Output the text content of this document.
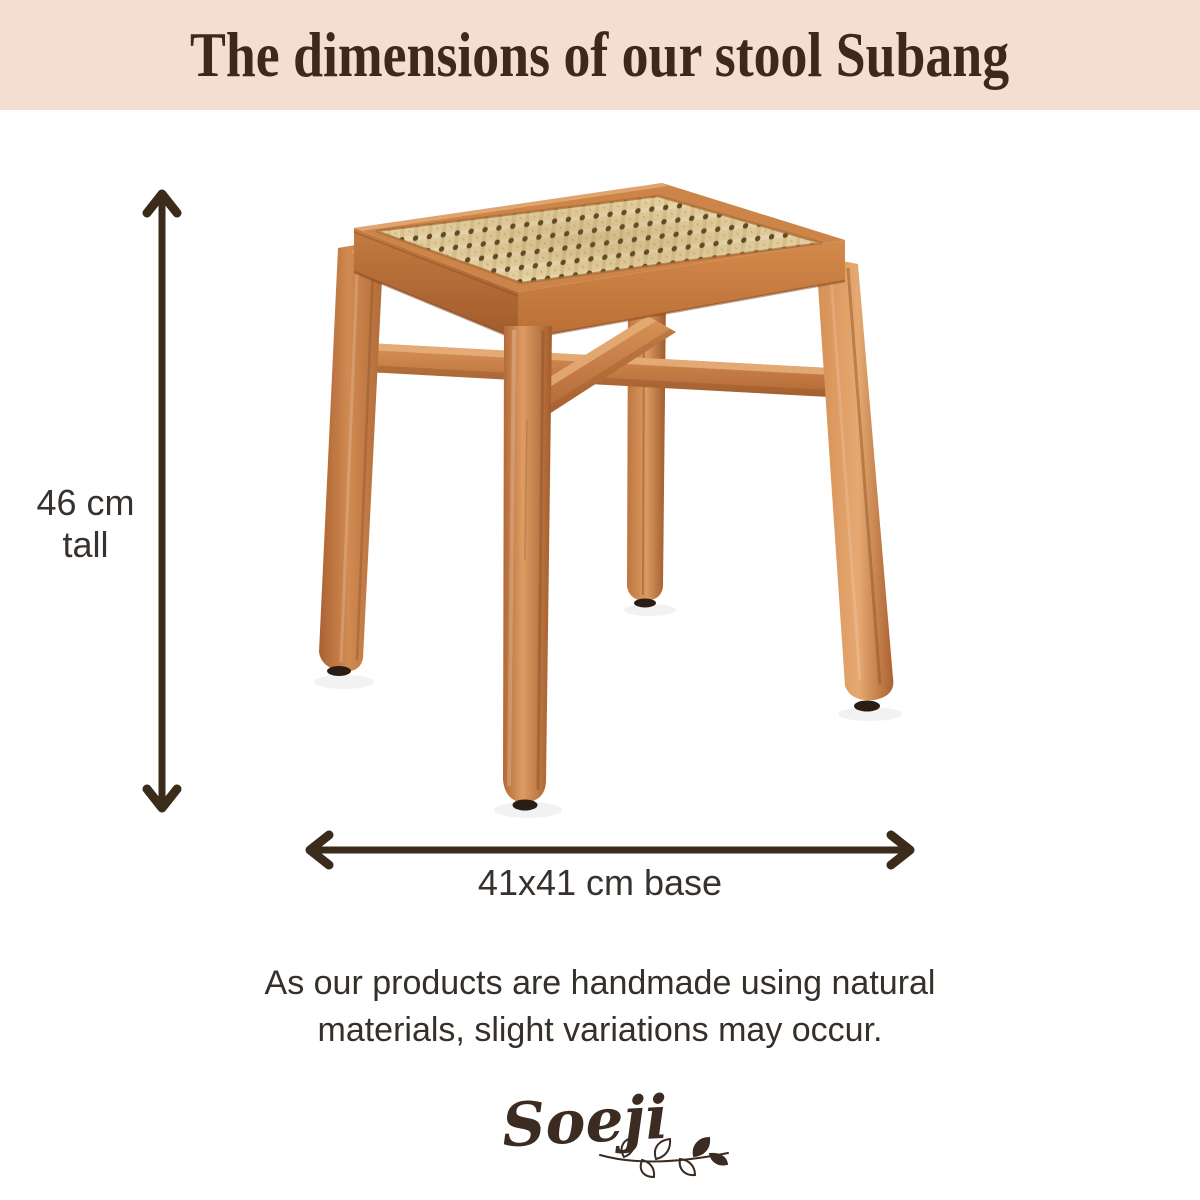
The dimensions of our stool Subang
46 cm
tall
41x41 cm base
As our products are handmade using natural
materials, slight variations may occur.
Soeji
